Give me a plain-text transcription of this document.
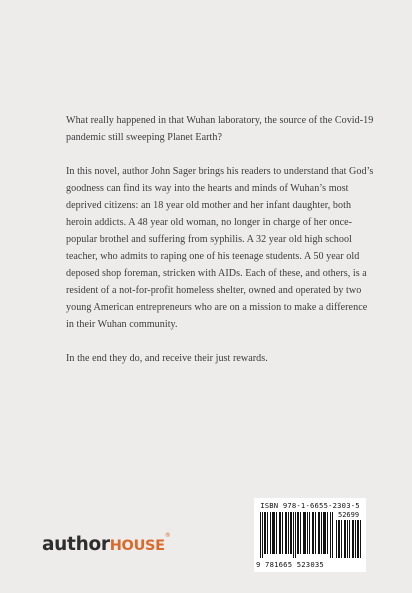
What really happened in that Wuhan laboratory, the source of the Covid-19 pandemic still sweeping Planet Earth?

In this novel, author John Sager brings his readers to understand that God’s goodness can find its way into the hearts and minds of Wuhan’s most deprived citizens: an 18 year old mother and her infant daughter, both heroin addicts. A 48 year old woman, no longer in charge of her once-popular brothel and suffering from syphilis. A 32 year old high school teacher, who admits to raping one of his teenage students. A 50 year old deposed shop foreman, stricken with AIDs. Each of these, and others, is a resident of a not-for-profit homeless shelter, owned and operated by two young American entrepreneurs who are on a mission to make a difference in their Wuhan community.

In the end they do, and receive their just rewards.

authorHOUSE®
ISBN 978-1-6655-2303-5
52699
9 781665 523035
